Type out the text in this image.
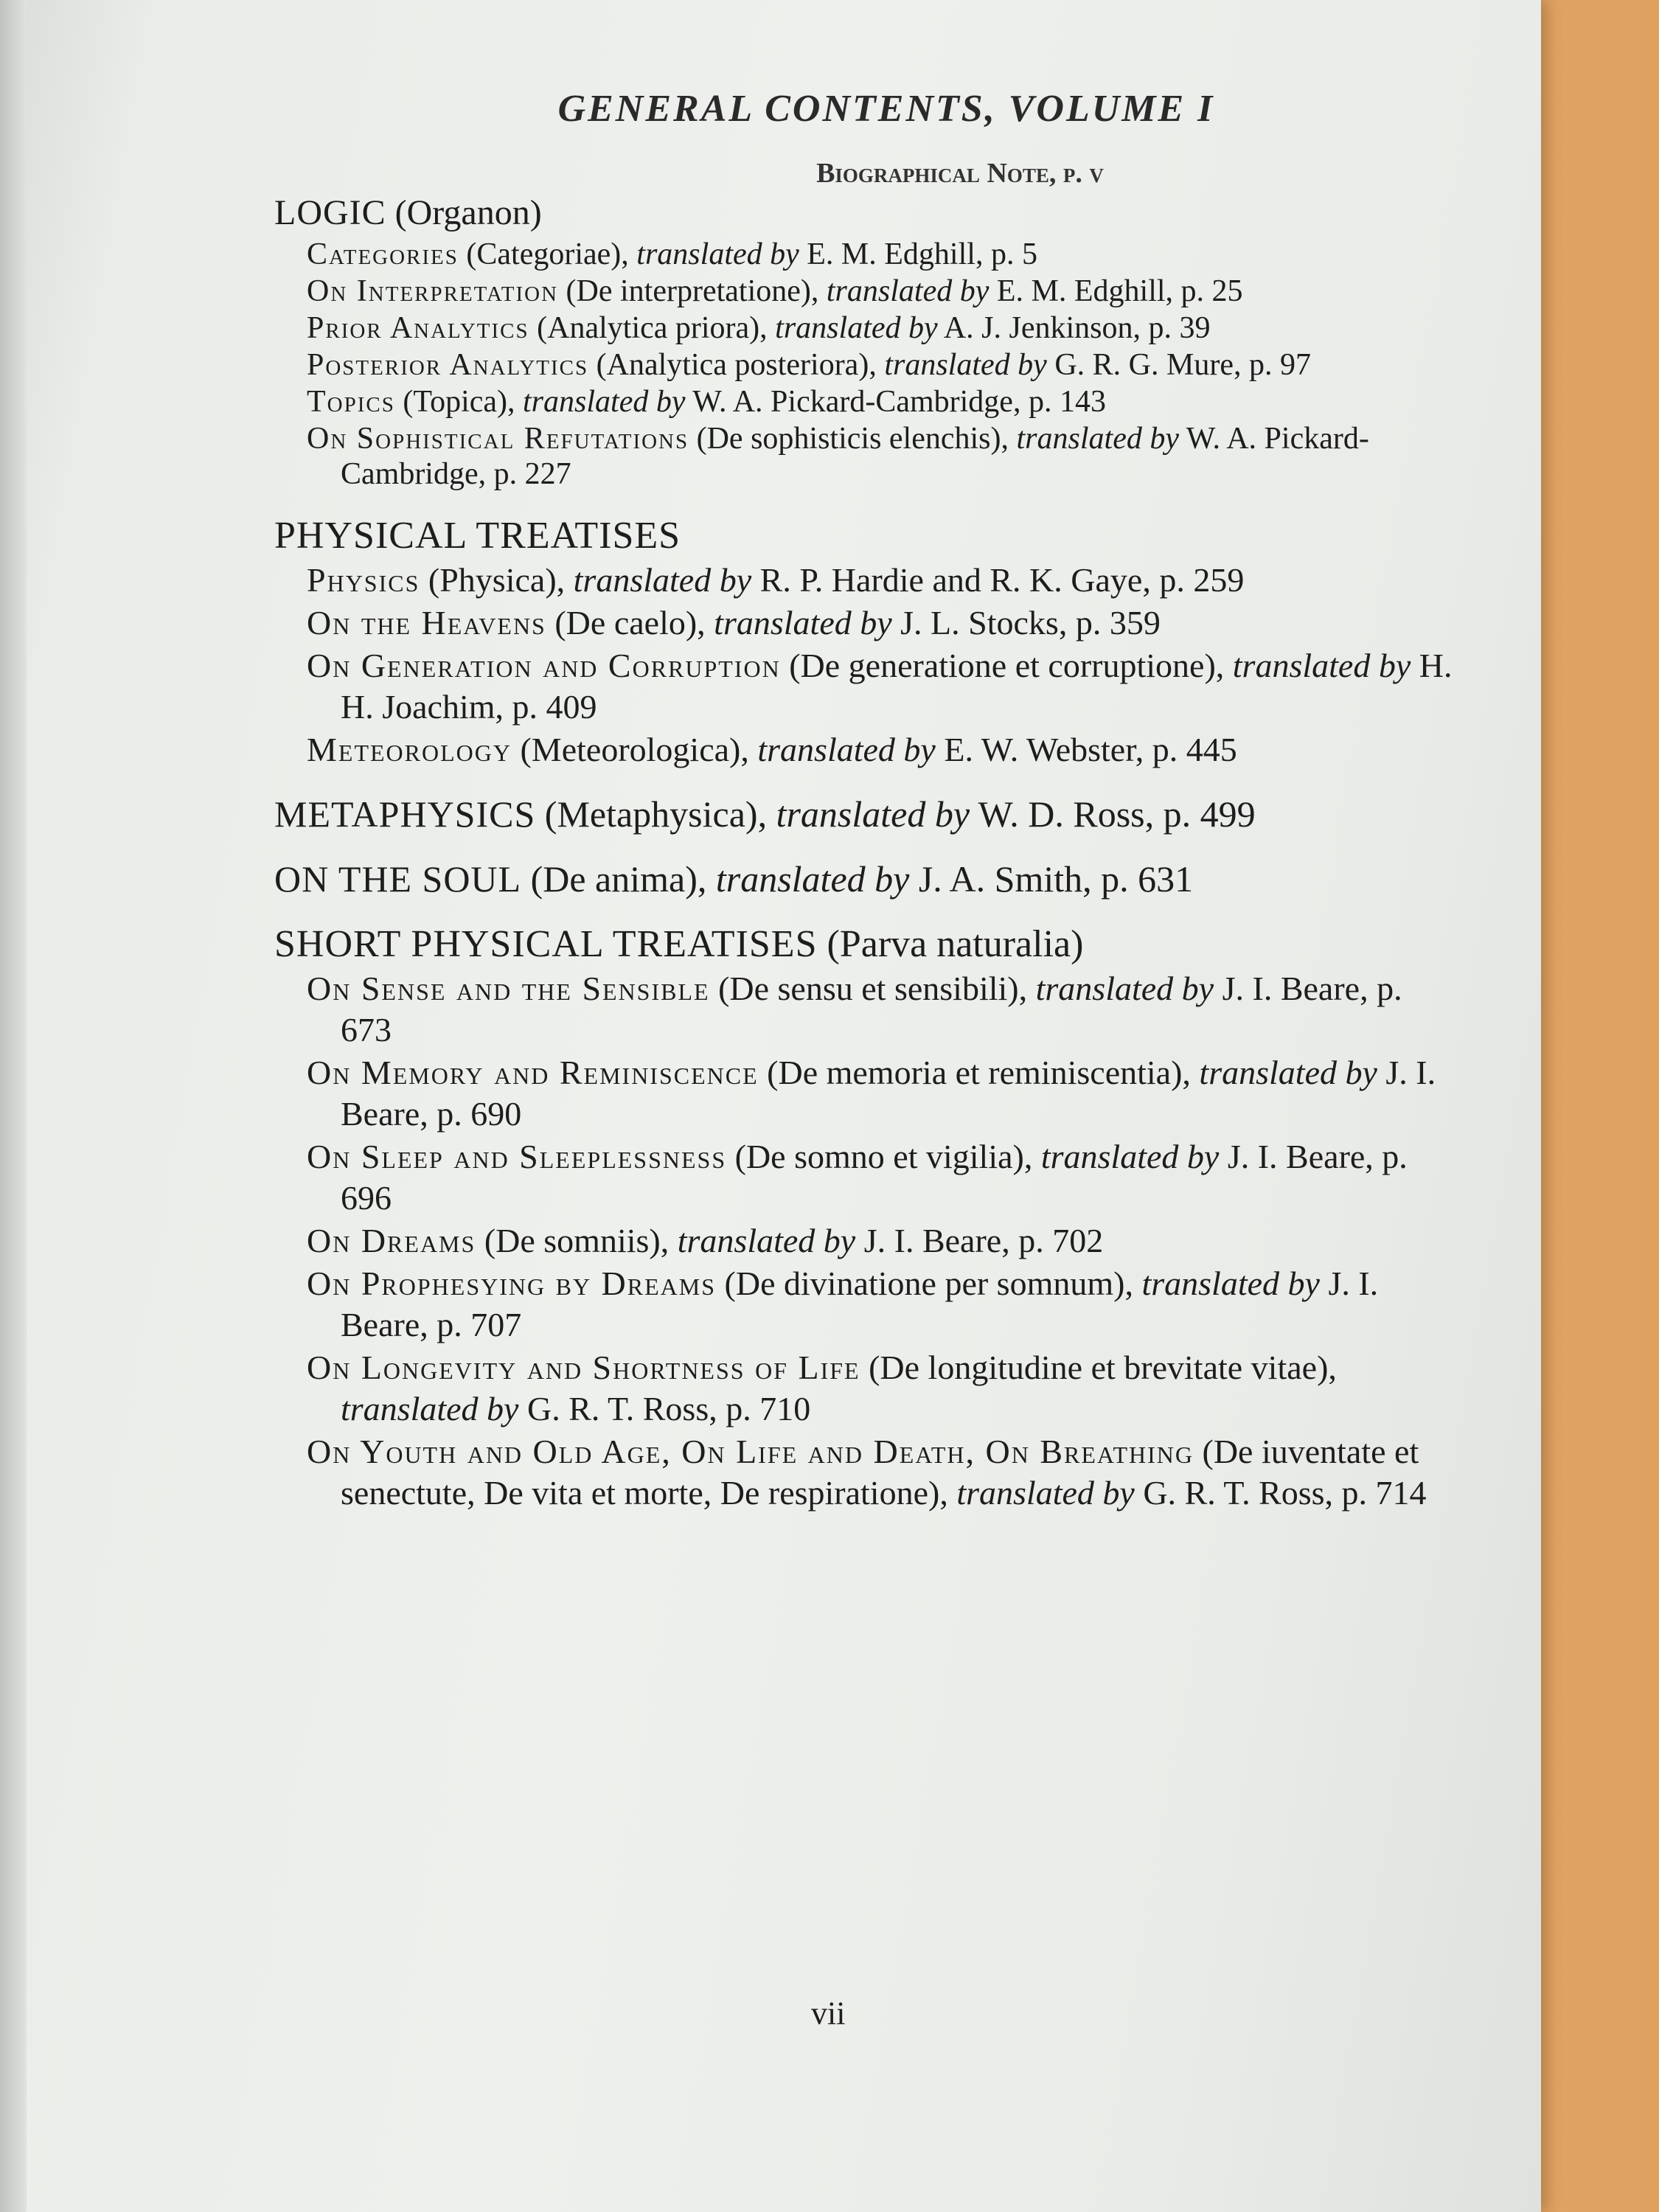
GENERAL CONTENTS, VOLUME I
Biographical Note, p. v

LOGIC (Organon)

Categories (Categoriae), translated by E. M. Edghill, p. 5

On Interpretation (De interpretatione), translated by E. M. Edghill, p. 25

Prior Analytics (Analytica priora), translated by A. J. Jenkinson, p. 39

Posterior Analytics (Analytica posteriora), translated by G. R. G. Mure, p. 97

Topics (Topica), translated by W. A. Pickard-Cambridge, p. 143

On Sophistical Refutations (De sophisticis elenchis), translated by W. A. Pickard-Cambridge, p. 227

PHYSICAL TREATISES

Physics (Physica), translated by R. P. Hardie and R. K. Gaye, p. 259

On the Heavens (De caelo), translated by J. L. Stocks, p. 359

On Generation and Corruption (De generatione et corruptione), translated by H. H. Joachim, p. 409

Meteorology (Meteorologica), translated by E. W. Webster, p. 445

METAPHYSICS (Metaphysica), translated by W. D. Ross, p. 499

ON THE SOUL (De anima), translated by J. A. Smith, p. 631

SHORT PHYSICAL TREATISES (Parva naturalia)

On Sense and the Sensible (De sensu et sensibili), translated by J. I. Beare, p. 673

On Memory and Reminiscence (De memoria et reminiscentia), translated by J. I. Beare, p. 690

On Sleep and Sleeplessness (De somno et vigilia), translated by J. I. Beare, p. 696

On Dreams (De somniis), translated by J. I. Beare, p. 702

On Prophesying by Dreams (De divinatione per somnum), translated by J. I. Beare, p. 707

On Longevity and Shortness of Life (De longitudine et brevitate vitae), translated by G. R. T. Ross, p. 710

On Youth and Old Age, On Life and Death, On Breathing (De iuventate et senectute, De vita et morte, De respiratione), translated by G. R. T. Ross, p. 714

vii
